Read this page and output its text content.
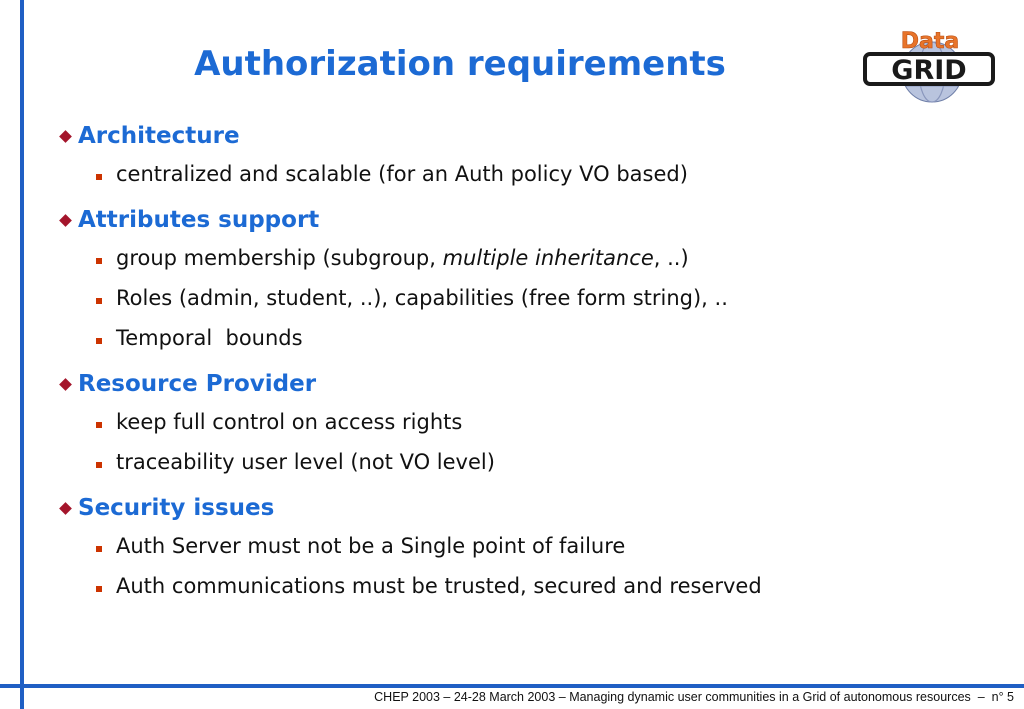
Authorization requirements	GRID
Data
Architecture
centralized and scalable (for an Auth policy VO based)
Attributes support
group membership (subgroup, multiple inheritance, ..)
Roles (admin, student, ..), capabilities (free form string), ..
Temporal  bounds
Resource Provider
keep full control on access rights
traceability user level (not VO level)
Security issues
Auth Server must not be a Single point of failure
Auth communications must be trusted, secured and reserved
CHEP 2003 – 24-28 March 2003 – Managing dynamic user communities in a Grid of autonomous resources  –  n° 5
